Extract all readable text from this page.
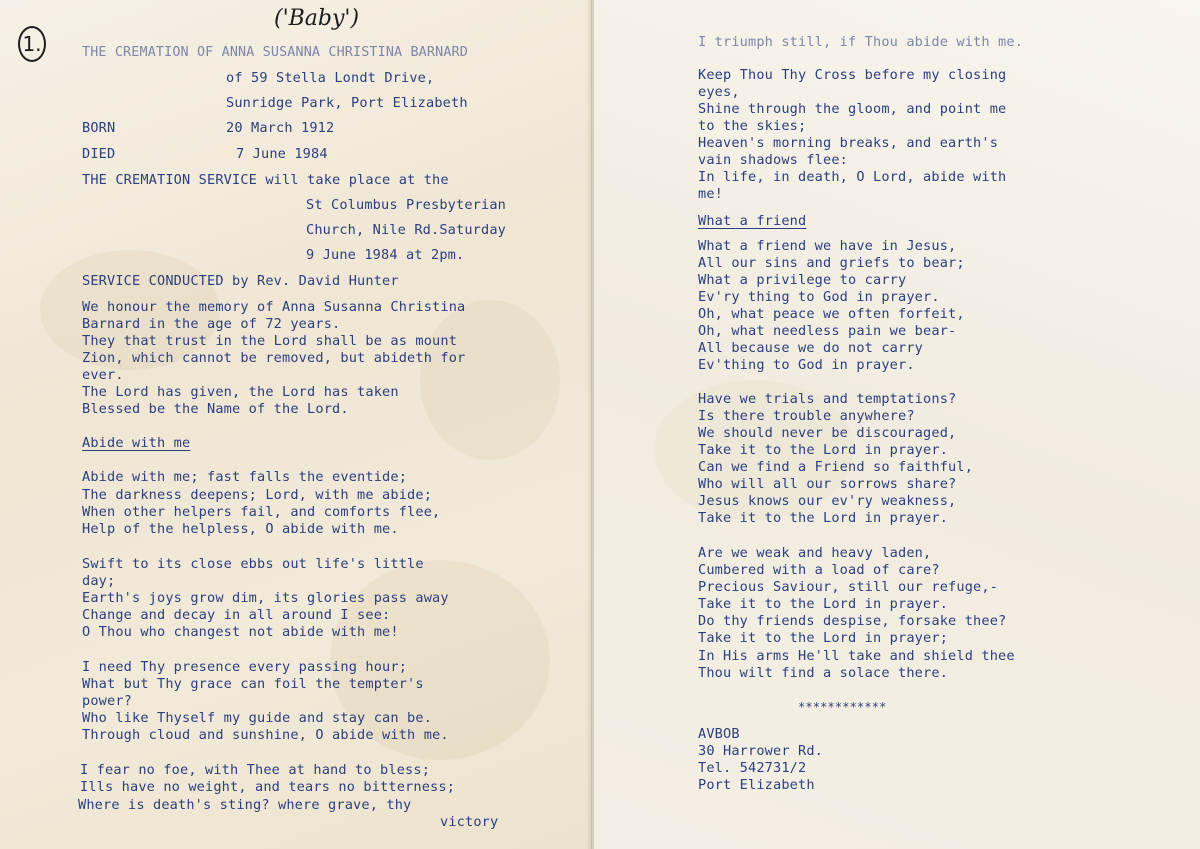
1.
('Baby')
THE CREMATION OF ANNA SUSANNA CHRISTINA BARNARD
of 59 Stella Londt Drive,
Sunridge Park, Port Elizabeth
BORN	20 March 1912
DIED	7 June 1984
THE CREMATION SERVICE will take place at the
St Columbus Presbyterian
Church, Nile Rd.Saturday
9 June 1984 at 2pm.
SERVICE CONDUCTED by Rev. David Hunter
We honour the memory of Anna Susanna Christina
Barnard in the age of 72 years.
They that trust in the Lord shall be as mount
Zion, which cannot be removed, but abideth for
ever.
The Lord has given, the Lord has taken
Blessed be the Name of the Lord.
Abide with me
Abide with me; fast falls the eventide;
The darkness deepens; Lord, with me abide;
When other helpers fail, and comforts flee,
Help of the helpless, O abide with me.
Swift to its close ebbs out life's little
day;
Earth's joys grow dim, its glories pass away
Change and decay in all around I see:
O Thou who changest not abide with me!
I need Thy presence every passing hour;
What but Thy grace can foil the tempter's
power?
Who like Thyself my guide and stay can be.
Through cloud and sunshine, O abide with me.
I fear no foe, with Thee at hand to bless;
Ills have no weight, and tears no bitterness;
Where is death's sting? where grave, thy
victory
I triumph still, if Thou abide with me.
Keep Thou Thy Cross before my closing
eyes,
Shine through the gloom, and point me
to the skies;
Heaven's morning breaks, and earth's
vain shadows flee:
In life, in death, O Lord, abide with
me!
What a friend
What a friend we have in Jesus,
All our sins and griefs to bear;
What a privilege to carry
Ev'ry thing to God in prayer.
Oh, what peace we often forfeit,
Oh, what needless pain we bear-
All because we do not carry
Ev'thing to God in prayer.
Have we trials and temptations?
Is there trouble anywhere?
We should never be discouraged,
Take it to the Lord in prayer.
Can we find a Friend so faithful,
Who will all our sorrows share?
Jesus knows our ev'ry weakness,
Take it to the Lord in prayer.
Are we weak and heavy laden,
Cumbered with a load of care?
Precious Saviour, still our refuge,-
Take it to the Lord in prayer.
Do thy friends despise, forsake thee?
Take it to the Lord in prayer;
In His arms He'll take and shield thee
Thou wilt find a solace there.
************
AVBOB
30 Harrower Rd.
Tel. 542731/2
Port Elizabeth
